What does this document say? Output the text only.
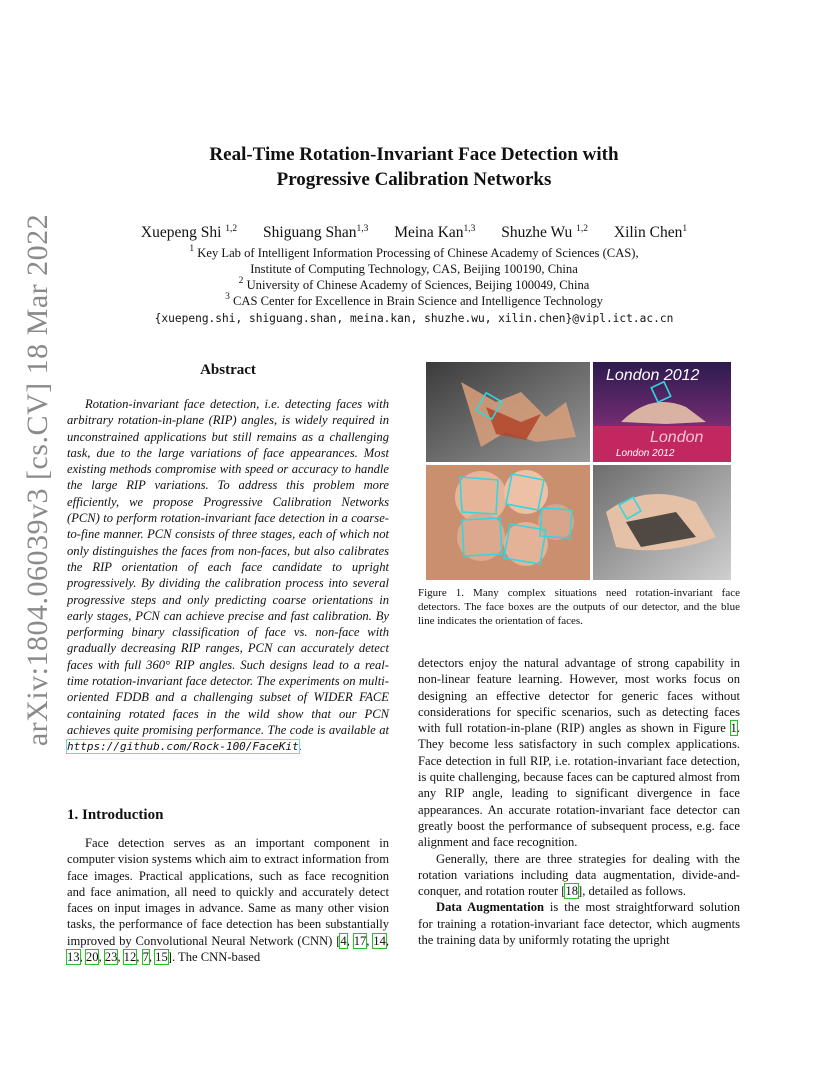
arXiv:1804.06039v3 [cs.CV] 18 Mar 2022
Real-Time Rotation-Invariant Face Detection with
Progressive Calibration Networks
Xuepeng Shi $^{1,2}$ Shiguang Shan$^{1,3}$ Meina Kan$^{1,3}$ Shuzhe Wu $^{1,2}$ Xilin Chen$^1$
$^1$ Key Lab of Intelligent Information Processing of Chinese Academy of Sciences (CAS),
Institute of Computing Technology, CAS, Beijing 100190, China
$^2$ University of Chinese Academy of Sciences, Beijing 100049, China
$^3$ CAS Center for Excellence in Brain Science and Intelligence Technology
{xuepeng.shi, shiguang.shan, meina.kan, shuzhe.wu, xilin.chen}@vipl.ict.ac.cn
Abstract

Rotation-invariant face detection, i.e. detecting faces with arbitrary rotation-in-plane (RIP) angles, is widely required in unconstrained applications but still remains as a challenging task, due to the large variations of face appearances. Most existing methods compromise with speed or accuracy to handle the large RIP variations. To address this problem more efficiently, we propose Progressive Calibration Networks (PCN) to perform rotation-invariant face detection in a coarse-to-fine manner. PCN consists of three stages, each of which not only distinguishes the faces from non-faces, but also calibrates the RIP orientation of each face candidate to upright progressively. By dividing the calibration process into several progressive steps and only predicting coarse orientations in early stages, PCN can achieve precise and fast calibration. By performing binary classification of face vs. non-face with gradually decreasing RIP ranges, PCN can accurately detect faces with full 360° RIP angles. Such designs lead to a real-time rotation-invariant face detector. The experiments on multi-oriented FDDB and a challenging subset of WIDER FACE containing rotated faces in the wild show that our PCN achieves quite promising performance. The code is available at https://github.com/Rock-100/FaceKit.

1. Introduction

Face detection serves as an important component in computer vision systems which aim to extract information from face images. Practical applications, such as face recognition and face animation, all need to quickly and accurately detect faces on input images in advance. Same as many other vision tasks, the performance of face detection has been substantially improved by Convolutional Neural Network (CNN) [4, 17, 14, 13, 20, 23, 12, 7, 15]. The CNN-based

London 2012
London
London 2012
Figure 1. Many complex situations need rotation-invariant face detectors. The face boxes are the outputs of our detector, and the blue line indicates the orientation of faces.

detectors enjoy the natural advantage of strong capability in non-linear feature learning. However, most works focus on designing an effective detector for generic faces without considerations for specific scenarios, such as detecting faces with full rotation-in-plane (RIP) angles as shown in Figure 1. They become less satisfactory in such complex applications. Face detection in full RIP, i.e. rotation-invariant face detection, is quite challenging, because faces can be captured almost from any RIP angle, leading to significant divergence in face appearances. An accurate rotation-invariant face detector can greatly boost the performance of subsequent process, e.g. face alignment and face recognition.

Generally, there are three strategies for dealing with the rotation variations including data augmentation, divide-and-conquer, and rotation router [18], detailed as follows.

Data Augmentation is the most straightforward solution for training a rotation-invariant face detector, which augments the training data by uniformly rotating the upright
